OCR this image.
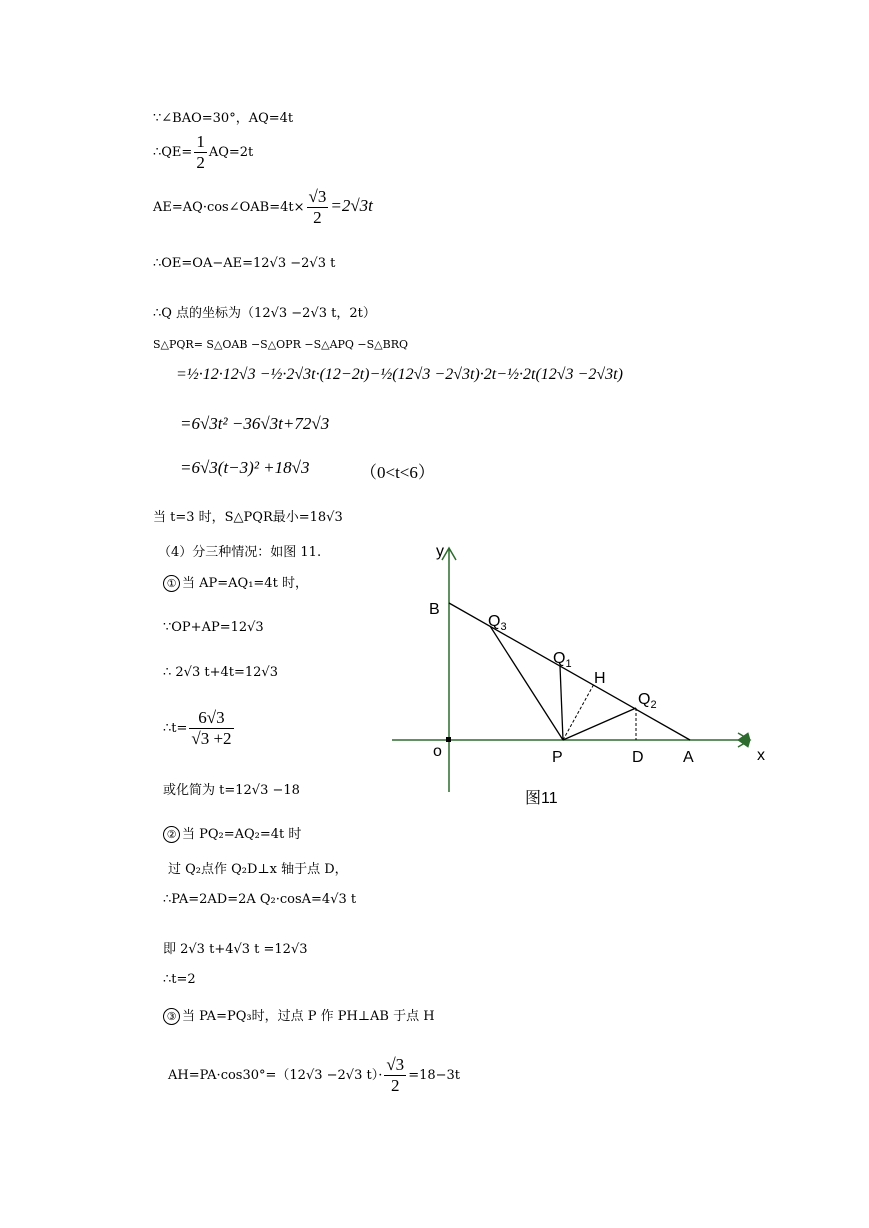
∵∠BAO=30°，AQ=4t
∴QE= $\frac{1}{2} AQ=2t$
AE=AQ·cos∠OAB=4t× $\frac{√3}{2} =2√3t$
∴OE=OA−AE=12√3 −2√3 t
∴Q 点的坐标为（12√3 −2√3 t，2t）
S△PQR= S△OAB −S△OPR −S△APQ −S△BRQ
=½·12·12√3 −½·2√3t·(12−2t)−½(12√3 −2√3t)·2t−½·2t(12√3 −2√3t)
=6√3t² −36√3t+72√3
=6√3(t−3)² +18√3	（0<t<6）
当 t=3 时，S△PQR最小=18√3
（4）分三种情况：如图 11.
① 当 AP=AQ₁=4t 时，
∵OP+AP=12√3
∴ 2√3 t+4t=12√3
∴t= $\frac{6√3}{√3 +2}$
或化简为 t=12√3 −18
② 当 PQ₂=AQ₂=4t 时
过 Q₂点作 Q₂D⊥x 轴于点 D，
∴PA=2AD=2A Q₂·cosA=4√3 t
即 2√3 t+4√3 t =12√3
∴t=2
③ 当 PA=PQ₃时，过点 P 作 PH⊥AB 于点 H
AH=PA·cos30°=（12√3 −2√3 $t)\cdot \frac{√3}{2} =18-3t$
y
x
o
B
$Q_3$
$Q_1$
H
$Q_2$
P	D A
图11
